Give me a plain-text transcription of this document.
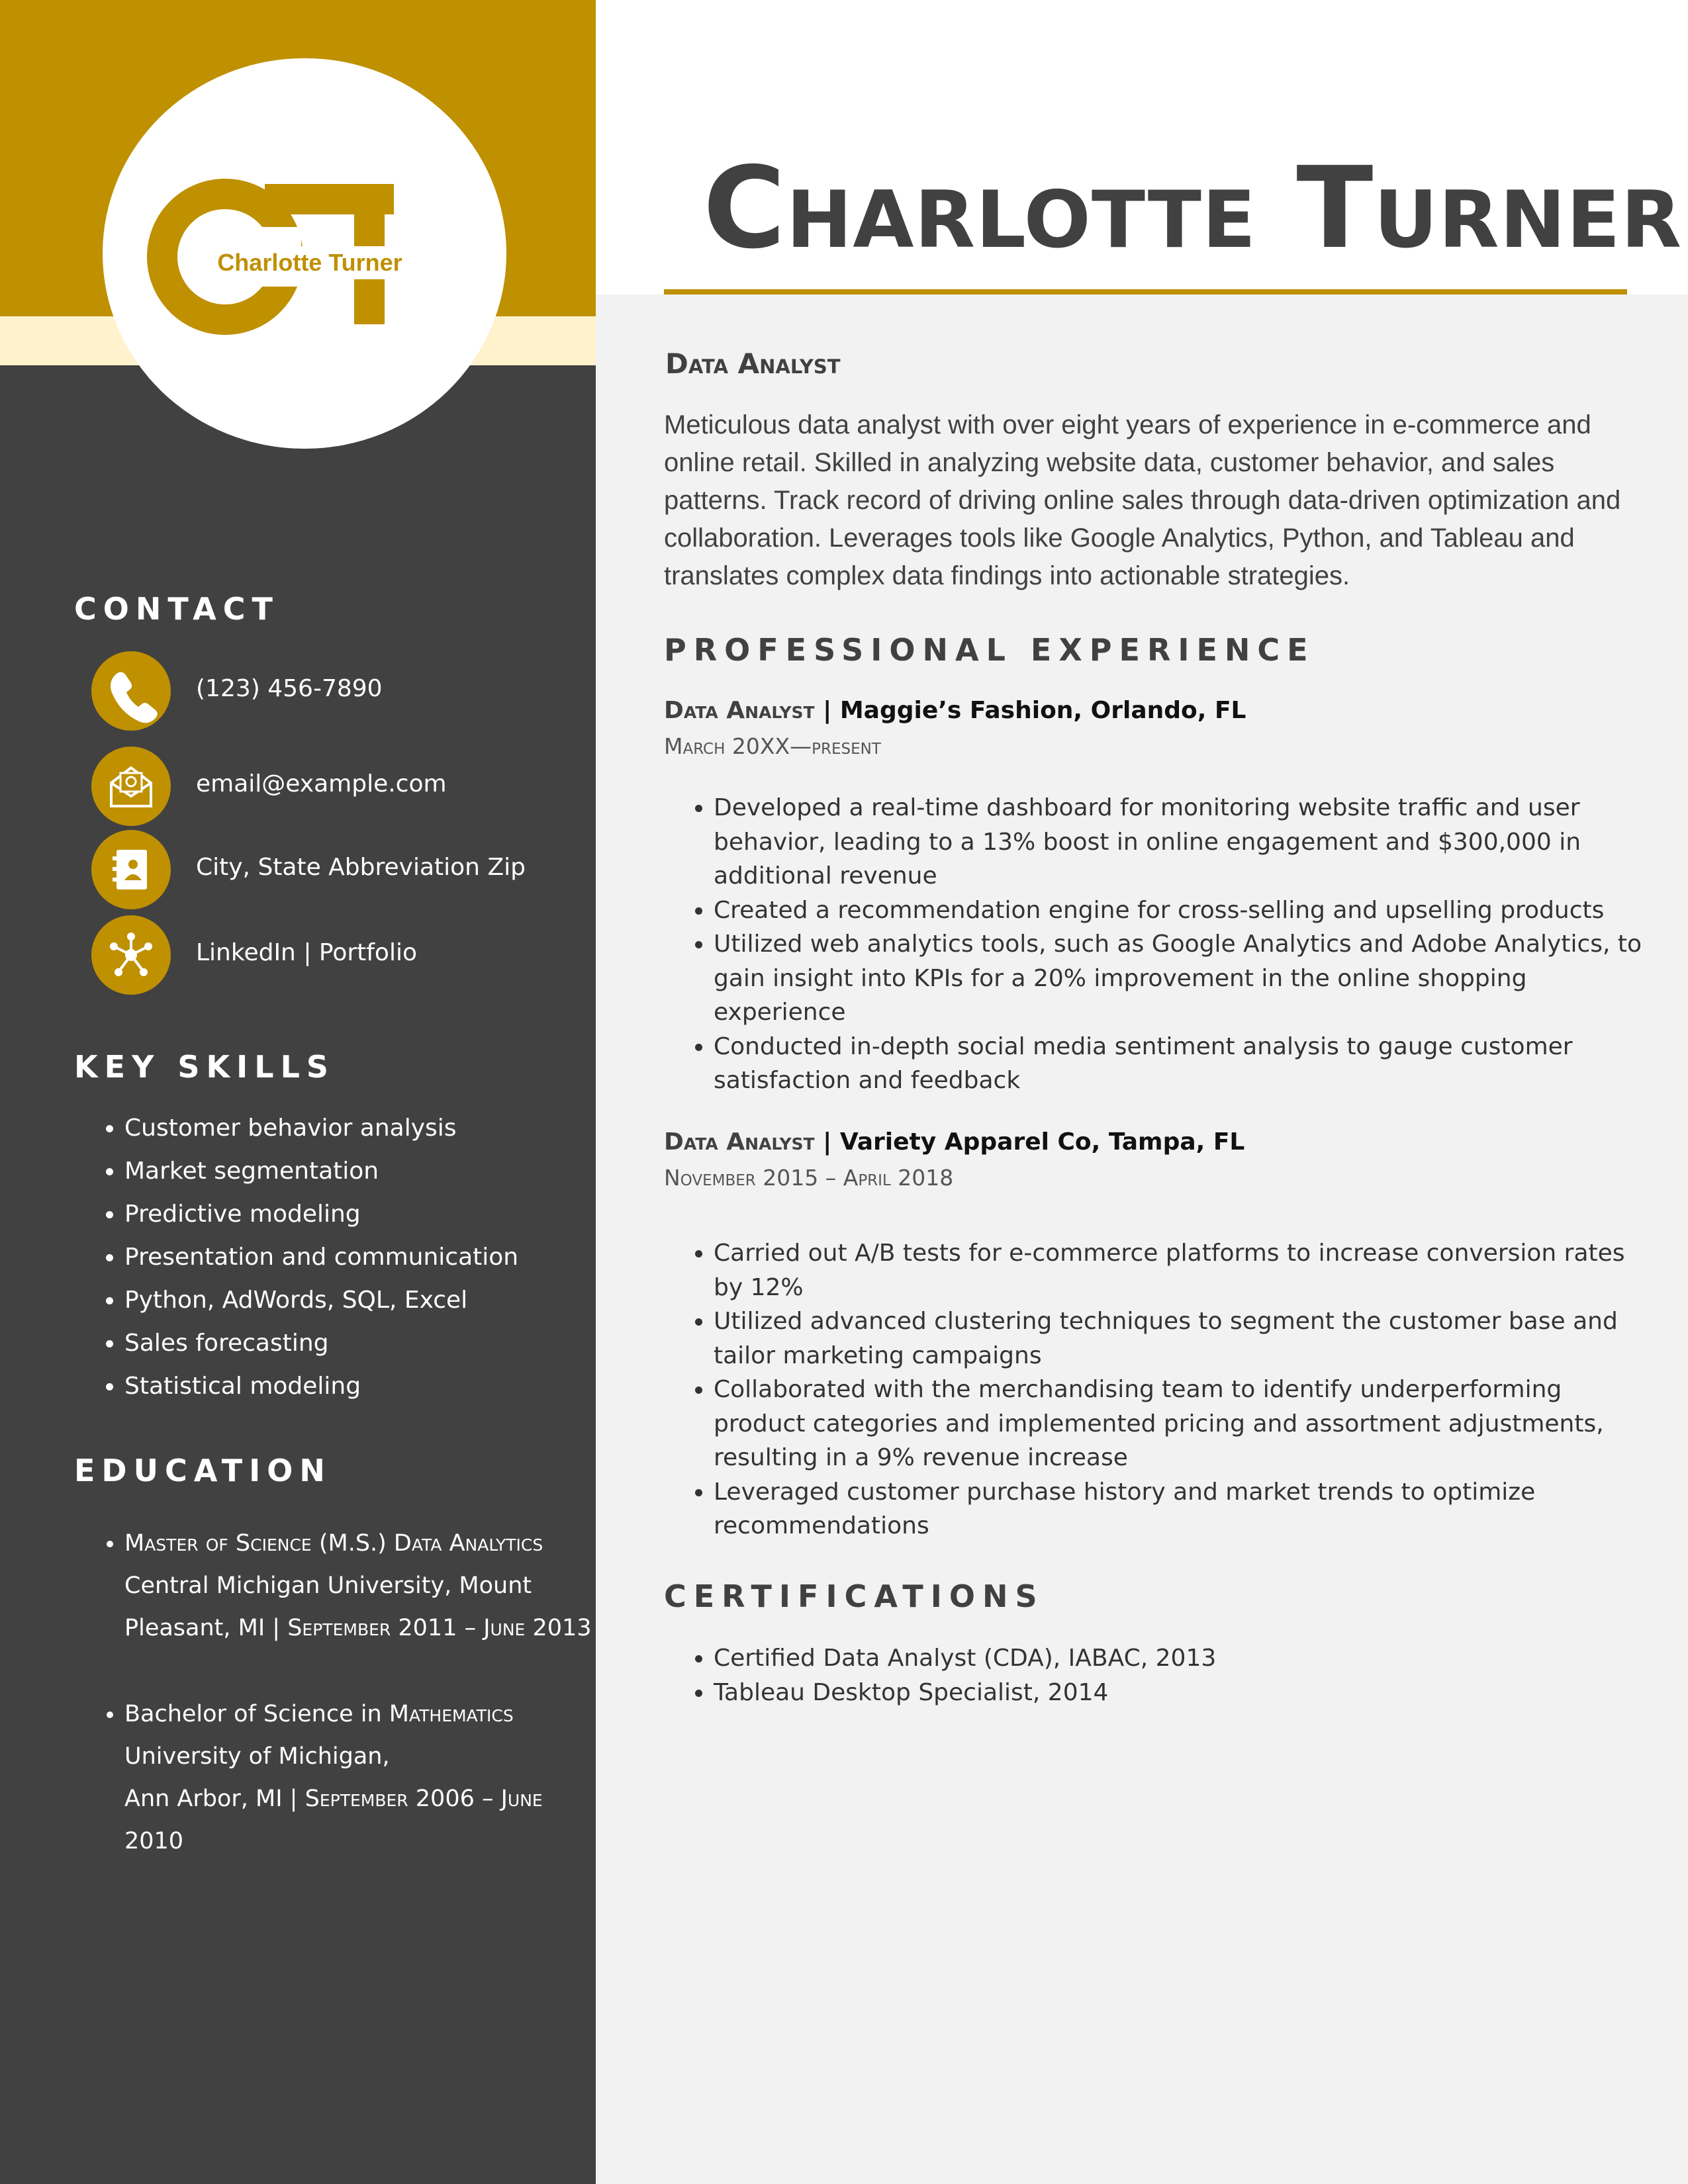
Charlotte Turner
CONTACT
(123) 456-7890
email@example.com
City, State Abbreviation Zip
LinkedIn | Portfolio
KEY SKILLS
• Customer behavior analysis
• Market segmentation
• Predictive modeling
• Presentation and communication
• Python, AdWords, SQL, Excel
• Sales forecasting
• Statistical modeling
EDUCATION
• Master of Science (M.S.) Data Analytics
Central Michigan University, Mount Pleasant, MI | September 2011 – June 2013
• Bachelor of Science in Mathematics
University of Michigan,
Ann Arbor, MI | September 2006 – June 2010
Charlotte Turner
Data Analyst

Meticulous data analyst with over eight years of experience in e-commerce and online retail. Skilled in analyzing website data, customer behavior, and sales patterns. Track record of driving online sales through data-driven optimization and collaboration. Leverages tools like Google Analytics, Python, and Tableau and translates complex data findings into actionable strategies.

PROFESSIONAL EXPERIENCE

Data Analyst | Maggie’s Fashion, Orlando, FL

March 20XX—present

• Developed a real-time dashboard for monitoring website traffic and user behavior, leading to a 13% boost in online engagement and $300,000 in additional revenue
• Created a recommendation engine for cross-selling and upselling products
• Utilized web analytics tools, such as Google Analytics and Adobe Analytics, to gain insight into KPIs for a 20% improvement in the online shopping experience
• Conducted in-depth social media sentiment analysis to gauge customer satisfaction and feedback

Data Analyst | Variety Apparel Co, Tampa, FL

November 2015 – April 2018

• Carried out A/B tests for e-commerce platforms to increase conversion rates by 12%
• Utilized advanced clustering techniques to segment the customer base and tailor marketing campaigns
• Collaborated with the merchandising team to identify underperforming product categories and implemented pricing and assortment adjustments, resulting in a 9% revenue increase
• Leveraged customer purchase history and market trends to optimize recommendations
CERTIFICATIONS
• Certified Data Analyst (CDA), IABAC, 2013
• Tableau Desktop Specialist, 2014
